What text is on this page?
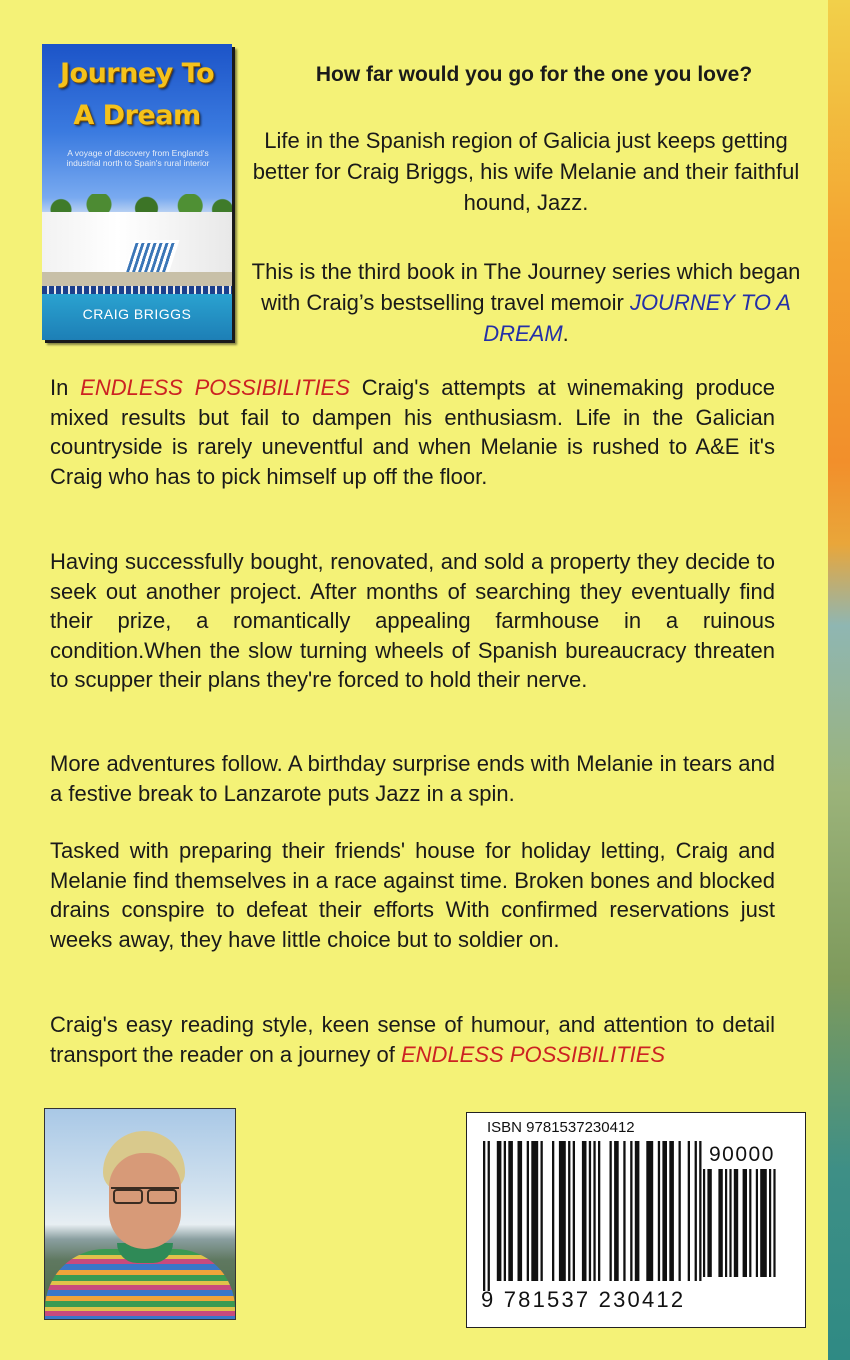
Journey To
A Dream
A voyage of discovery from England's industrial north to Spain's rural interior
CRAIG BRIGGS
How far would you go for the one you love?
Life in the Spanish region of Galicia just keeps getting better for Craig Briggs, his wife Melanie and their faithful hound, Jazz.
This is the third book in The Journey series which began with Craig’s bestselling travel memoir JOURNEY TO A DREAM.
In ENDLESS POSSIBILITIES Craig's attempts at winemaking produce mixed results but fail to dampen his enthusiasm. Life in the Galician countryside is rarely uneventful and when Melanie is rushed to A&E it's Craig who has to pick himself up off the floor.
Having successfully bought, renovated, and sold a property they decide to seek out another project. After months of searching they eventually find their prize, a romantically appealing farmhouse in a ruinous condition.When the slow turning wheels of Spanish bureaucracy threaten to scupper their plans they're forced to hold their nerve.
More adventures follow. A birthday surprise ends with Melanie in tears and a festive break to Lanzarote puts Jazz in a spin.
Tasked with preparing their friends' house for holiday letting, Craig and Melanie find themselves in a race against time. Broken bones and blocked drains conspire to defeat their efforts With confirmed reservations just weeks away, they have little choice but to soldier on.
Craig's easy reading style, keen sense of humour, and attention to detail transport the reader on a journey of ENDLESS POSSIBILITIES
ISBN 9781537230412
90000
9 781537 230412
